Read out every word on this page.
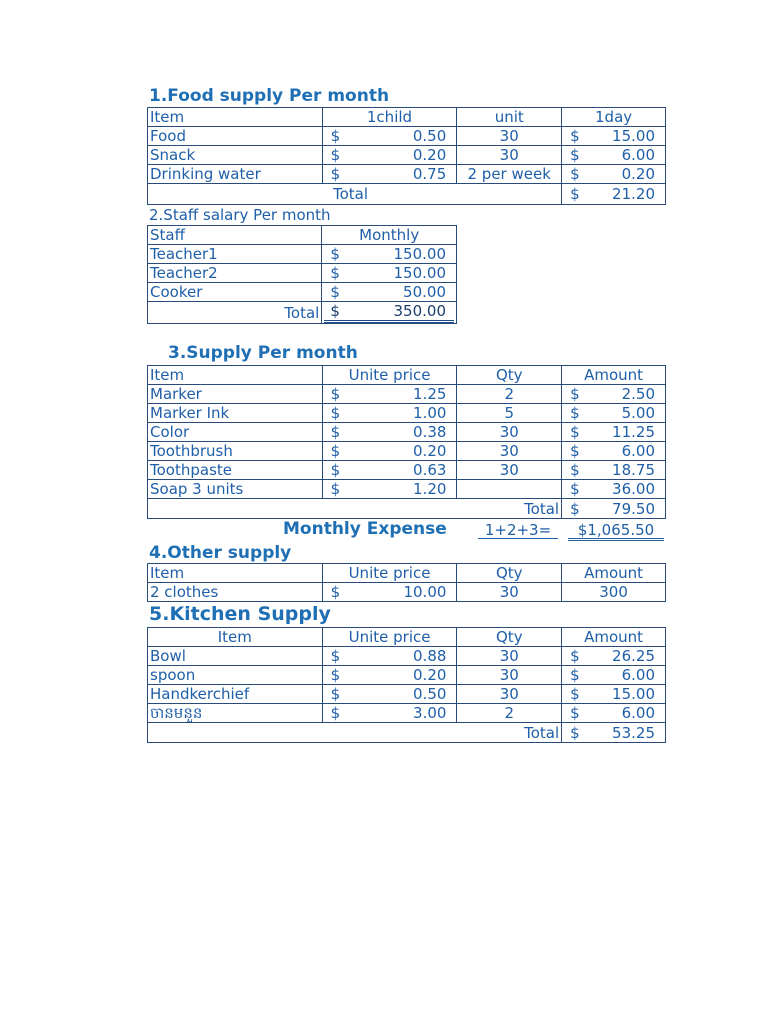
1.Food supply Per month
Item	1child	unit	1day
Food	$ 0.50	30	$ 15.00

Snack	$ 0.20	30	$ 6.00

Drinking water	$ 0.75	2 per week	$ 0.20

Total			$ 21.20
2.Staff salary Per month
Staff	Monthly
Teacher1	$ 150.00

Teacher2	$ 150.00

Cooker	$ 50.00

Total	$ 350.00
3.Supply Per month
Item	Unite price	Qty	Amount
Marker	$ 1.25	2	$ 2.50

Marker Ink	$ 1.00	5	$ 5.00

Color	$ 0.38	30	$ 11.25

Toothbrush	$ 0.20	30	$ 6.00

Toothpaste	$ 0.63	30	$ 18.75

Soap 3 units	$ 1.20		$ 36.00

Total			$ 79.50
Monthly Expense	1+2+3=	$1,065.50
4.Other supply
Item	Unite price	Qty	Amount
2 clothes	$ 10.00	30	300
5.Kitchen Supply
Item	Unite price	Qty	Amount
Bowl	$ 0.88	30	$ 26.25

spoon	$ 0.20	30	$ 6.00

Handkerchief	$ 0.50	30	$ 15.00

ចានមនួន	$ 3.00	2	$ 6.00

Total			$ 53.25
